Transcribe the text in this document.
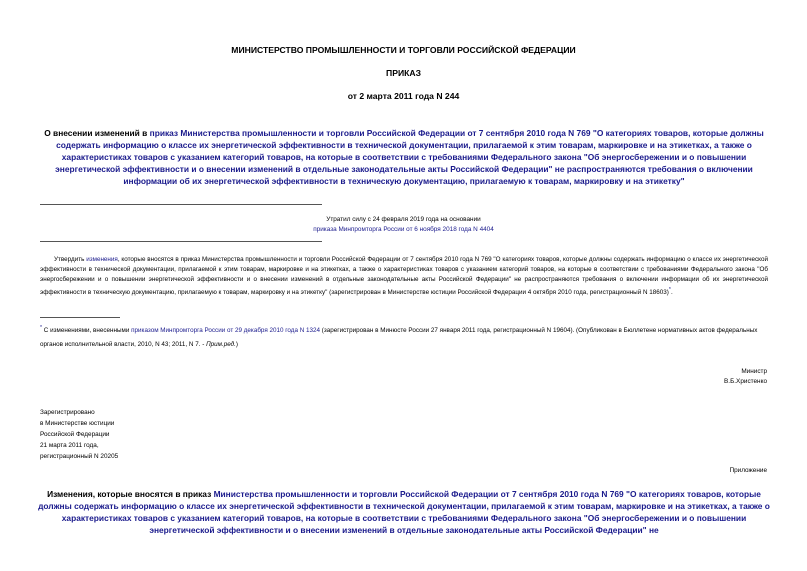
МИНИСТЕРСТВО ПРОМЫШЛЕННОСТИ И ТОРГОВЛИ РОССИЙСКОЙ ФЕДЕРАЦИИ
ПРИКАЗ
от 2 марта 2011 года N 244
О внесении изменений в приказ Министерства промышленности и торговли Российской Федерации от 7 сентября 2010 года N 769 "О категориях товаров, которые должны содержать информацию о классе их энергетической эффективности в технической документации, прилагаемой к этим товарам, маркировке и на этикетках, а также о характеристиках товаров с указанием категорий товаров, на которые в соответствии с требованиями Федерального закона "Об энергосбережении и о повышении энергетической эффективности и о внесении изменений в отдельные законодательные акты Российской Федерации" не распространяются требования о включении информации об их энергетической эффективности в техническую документацию, прилагаемую к товарам, маркировку и на этикетку"
Утратил силу с 24 февраля 2019 года на основании
приказа Минпромторга России от 6 ноября 2018 года N 4404
Утвердить изменения, которые вносятся в приказ Министерства промышленности и торговли Российской Федерации от 7 сентября 2010 года N 769 "О категориях товаров, которые должны содержать информацию о классе их энергетической эффективности в технической документации, прилагаемой к этим товарам, маркировке и на этикетках, а также о характеристиках товаров с указанием категорий товаров, на которые в соответствии с требованиями Федерального закона "Об энергосбережении и о повышении энергетической эффективности и о внесении изменений в отдельные законодательные акты Российской Федерации" не распространяются требования о включении информации об их энергетической эффективности в техническую документацию, прилагаемую к товарам, маркировку и на этикетку" (зарегистрирован в Министерстве юстиции Российской Федерации 4 октября 2010 года, регистрационный N 18603)*.
* С изменениями, внесенными приказом Минпромторга России от 29 декабря 2010 года N 1324 (зарегистрирован в Минюсте России 27 января 2011 года, регистрационный N 19604). (Опубликован в Бюллетене нормативных актов федеральных органов исполнительной власти, 2010, N 43; 2011, N 7. - Прим.ред.)
Министр
В.Б.Христенко
Зарегистрировано
в Министерстве юстиции
Российской Федерации
21 марта 2011 года,
регистрационный N 20205
Приложение
Изменения, которые вносятся в приказ Министерства промышленности и торговли Российской Федерации от 7 сентября 2010 года N 769 "О категориях товаров, которые должны содержать информацию о классе их энергетической эффективности в технической документации, прилагаемой к этим товарам, маркировке и на этикетках, а также о характеристиках товаров с указанием категорий товаров, на которые в соответствии с требованиями Федерального закона "Об энергосбережении и о повышении энергетической эффективности и о внесении изменений в отдельные законодательные акты Российской Федерации" не
